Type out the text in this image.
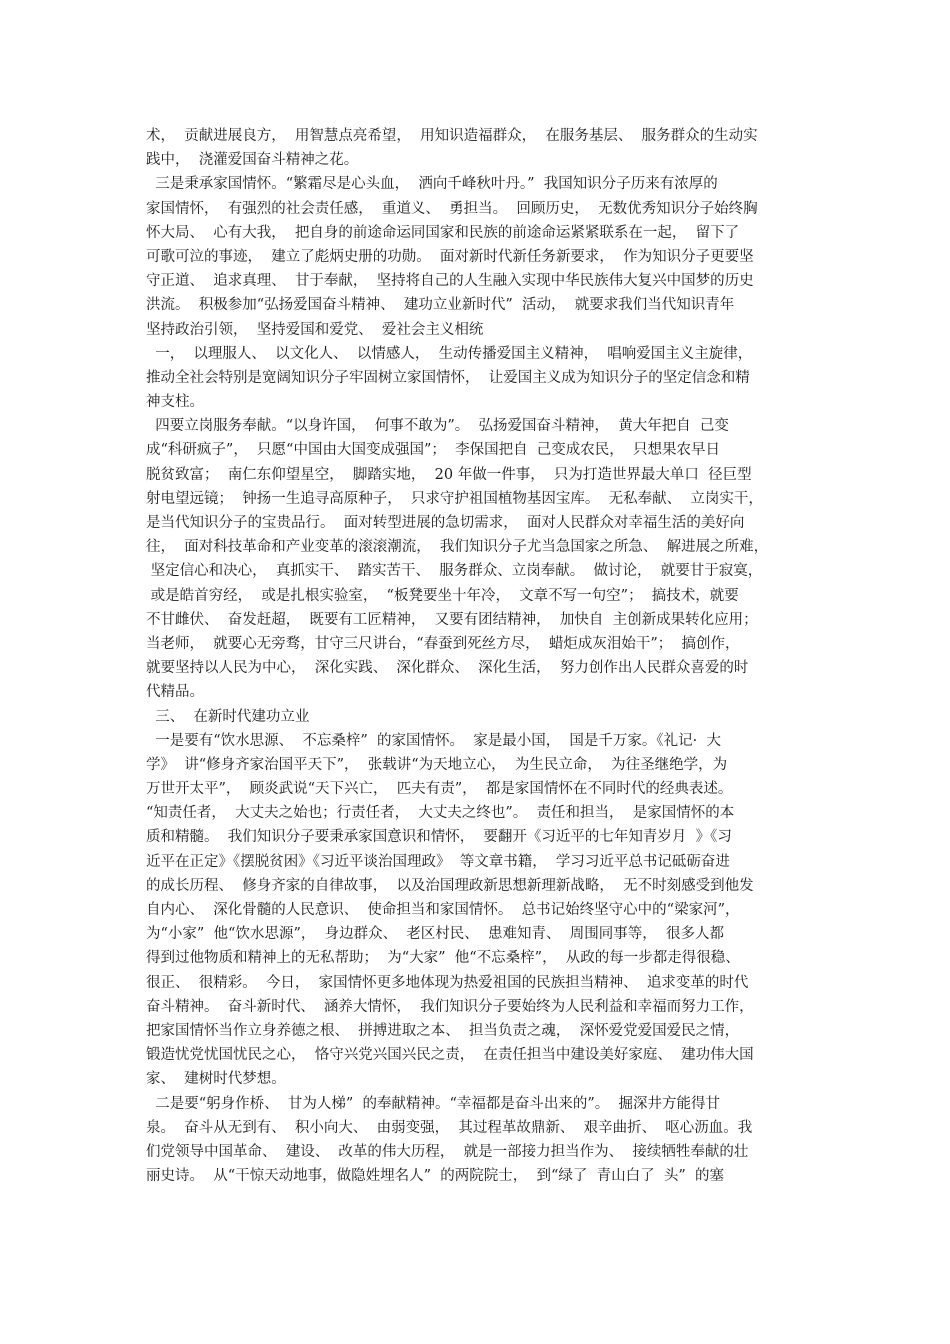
术，  贡献进展良方，  用智慧点亮希望，  用知识造福群众，  在服务基层、  服务群众的生动实
践中，  浇灌爱国奋斗精神之花。
三是秉承家国情怀。“繁霜尽是心头血，  洒向千峰秋叶丹。”  我国知识分子历来有浓厚的
家国情怀，  有强烈的社会责任感，  重道义、  勇担当。  回顾历史，  无数优秀知识分子始终胸
怀大局、  心有大我，  把自身的前途命运同国家和民族的前途命运紧紧联系在一起，  留下了
可歌可泣的事迹，  建立了彪炳史册的功勋。  面对新时代新任务新要求，  作为知识分子更要坚
守正道、  追求真理、  甘于奉献，  坚持将自己的人生融入实现中华民族伟大复兴中国梦的历史
洪流。  积极参加“弘扬爱国奋斗精神、  建功立业新时代”  活动，  就要求我们当代知识青年
坚持政治引领，  坚持爱国和爱党、  爱社会主义相统
一，  以理服人、  以文化人、  以情感人，  生动传播爱国主义精神，  唱响爱国主义主旋律，
推动全社会特别是宽阔知识分子牢固树立家国情怀，  让爱国主义成为知识分子的坚定信念和精
神支柱。
四要立岗服务奉献。“以身许国，  何事不敢为”。  弘扬爱国奋斗精神，  黄大年把自  己变
成“科研疯子”，  只愿“中国由大国变成强国”；  李保国把自  己变成农民，  只想果农早日
脱贫致富；  南仁东仰望星空，  脚踏实地，  20 年做一件事，  只为打造世界最大单口  径巨型
射电望远镜；  钟扬一生追寻高原种子，  只求守护祖国植物基因宝库。  无私奉献、  立岗实干，
是当代知识分子的宝贵品行。  面对转型进展的急切需求，  面对人民群众对幸福生活的美好向
往，  面对科技革命和产业变革的滚滚潮流，  我们知识分子尤当急国家之所急、  解进展之所难，
坚定信心和决心，  真抓实干、  踏实苦干、  服务群众、立岗奉献。  做讨论，  就要甘于寂寞，
或是皓首穷经，  或是扎根实验室，  “板凳要坐十年冷，  文章不写一句空”；  搞技术，就要
不甘雌伏、  奋发赶超，  既要有工匠精神，  又要有团结精神，  加快自  主创新成果转化应用；
当老师，  就要心无旁骛，甘守三尺讲台，“春蚕到死丝方尽，  蜡炬成灰泪始干”；  搞创作，
就要坚持以人民为中心，  深化实践、  深化群众、  深化生活，  努力创作出人民群众喜爱的时
代精品。
三、  在新时代建功立业
一是要有“饮水思源、  不忘桑梓”  的家国情怀。  家是最小国，  国是千万家。《礼记·  大
学》  讲“修身齐家治国平天下”，  张载讲“为天地立心，  为生民立命，  为往圣继绝学，为
万世开太平”，  顾炎武说“天下兴亡，  匹夫有责”，  都是家国情怀在不同时代的经典表述。
“知责任者，  大丈夫之始也；行责任者，  大丈夫之终也”。  责任和担当，  是家国情怀的本
质和精髓。  我们知识分子要秉承家国意识和情怀，  要翻开《习近平的七年知青岁月  》《习
近平在正定》《摆脱贫困》《习近平谈治国理政》  等文章书籍，  学习习近平总书记砥砺奋进
的成长历程、  修身齐家的自律故事，  以及治国理政新思想新理新战略，  无不时刻感受到他发
自内心、  深化骨髓的人民意识、  使命担当和家国情怀。  总书记始终坚守心中的“梁家河”，
为“小家”  他“饮水思源”，  身边群众、  老区村民、  患难知青、  周围同事等，  很多人都
得到过他物质和精神上的无私帮助；  为“大家”  他“不忘桑梓”，  从政的每一步都走得很稳、
很正、  很精彩。  今日，  家国情怀更多地体现为热爱祖国的民族担当精神、  追求变革的时代
奋斗精神。  奋斗新时代、  涵养大情怀，  我们知识分子要始终为人民利益和幸福而努力工作，
把家国情怀当作立身养德之根、  拼搏进取之本、  担当负责之魂，  深怀爱党爱国爱民之情，
锻造忧党忧国忧民之心，  恪守兴党兴国兴民之责，  在责任担当中建设美好家庭、  建功伟大国
家、  建树时代梦想。
二是要“躬身作桥、  甘为人梯”  的奉献精神。“幸福都是奋斗出来的”。  掘深井方能得甘
泉。  奋斗从无到有、  积小向大、  由弱变强，  其过程革故鼎新、  艰辛曲折、  呕心沥血。我
们党领导中国革命、  建设、  改革的伟大历程，  就是一部接力担当作为、  接续牺牲奉献的壮
丽史诗。  从“干惊天动地事，做隐姓埋名人”  的两院院士，  到“绿了  青山白了  头”  的塞
